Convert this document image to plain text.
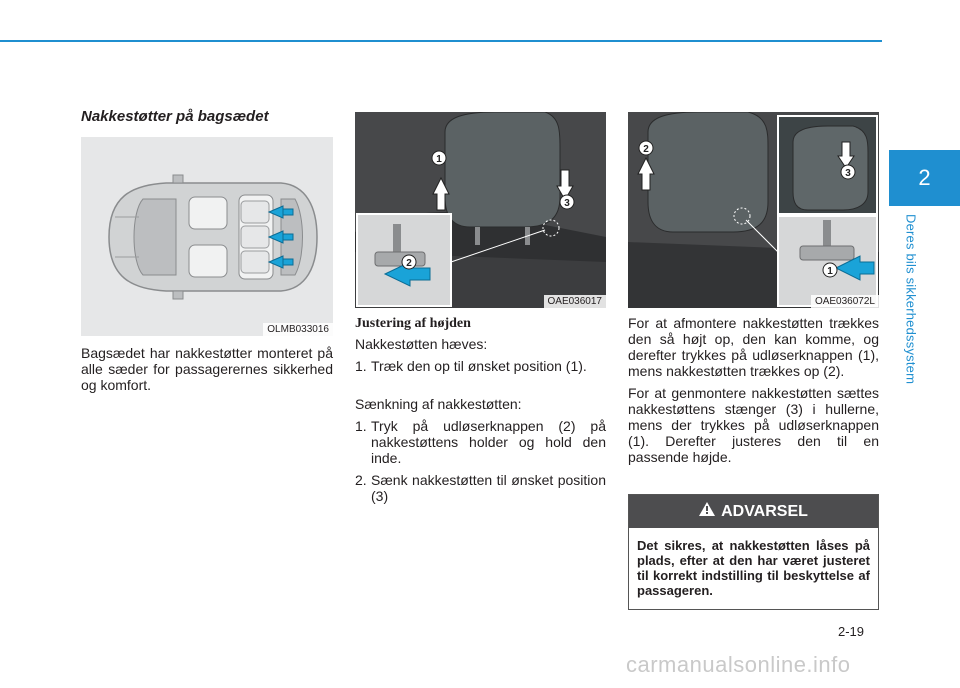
2
Deres bils sikkerhedssystem
Nakkestøtter på bagsædet
OLMB033016

Bagsædet har nakkestøtter monteret på alle sæder for passagerernes sikkerhed og komfort.

1
3
2
OAE036017
Justering af højden

Nakkestøtten hæves:

1. Træk den op til ønsket position (1).

Sænkning af nakkestøtten:

1. Tryk på udløserknappen (2) på nakkestøttens holder og hold den inde.
2. Sænk nakkestøtten til ønsket position (3)
2
3
1
OAE036072L

For at afmontere nakkestøtten trækkes den så højt op, den kan komme, og derefter trykkes på udløserknappen (1), mens nakkestøtten trækkes op (2).

For at genmontere nakkestøtten sættes nakkestøttens stænger (3) i hullerne, mens der trykkes på udløserknappen (1). Derefter justeres den til en passende højde.

ADVARSEL
Det sikres, at nakkestøtten låses på plads, efter at den har været justeret til korrekt indstilling til beskyttelse af passageren.
2-19
carmanualsonline.info
